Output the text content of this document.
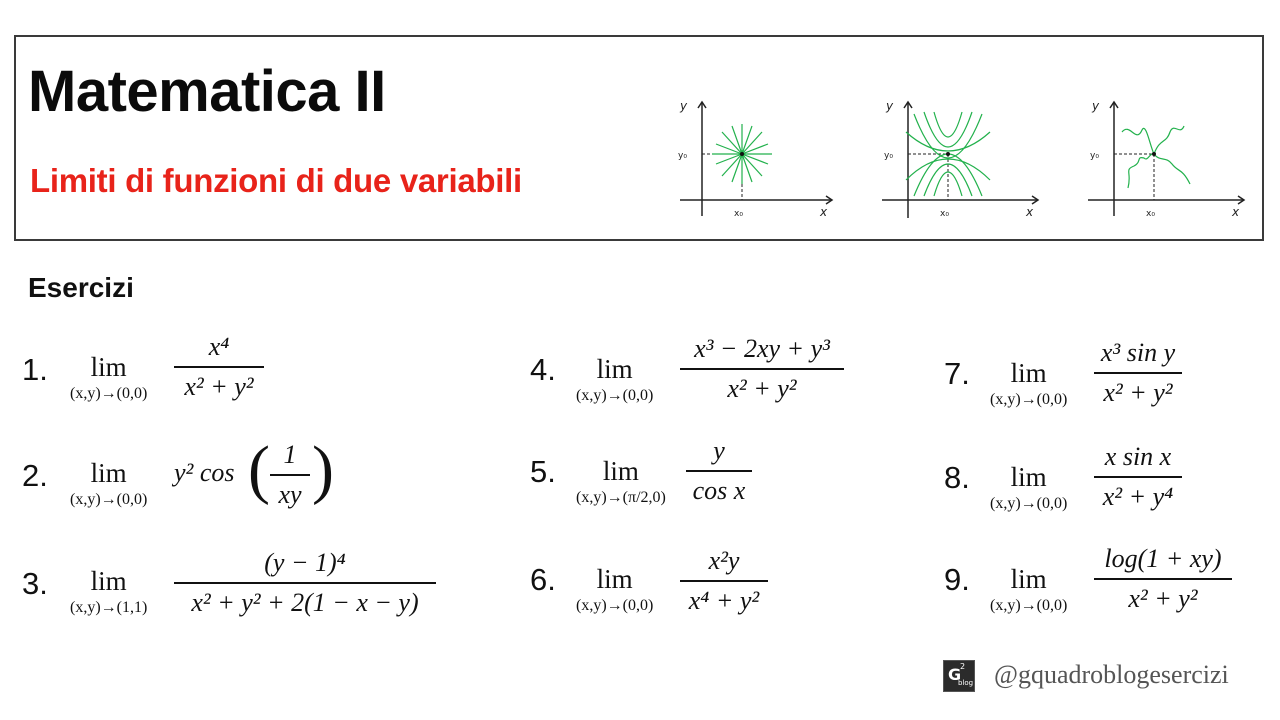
Matematica II
Limiti di funzioni di due variabili
y
x
x₀
y₀
y
x
x₀
y₀
y
x
x₀
y₀
Esercizi
1.	lim
(x,y)→(0,0)
x⁴
x² + y²
2.	lim
(x,y)→(0,0)
y² cos ( 1
xy )
3.	lim
(x,y)→(1,1)
(y − 1)⁴
x² + y² + 2(1 − x − y)
4.	lim
(x,y)→(0,0)
x³ − 2xy + y³
x² + y²
5.	lim
(x,y)→(π/2,0)
y
cos x
6.	lim
(x,y)→(0,0)
x²y
x⁴ + y²
7.	lim
(x,y)→(0,0)
x³ sin y
x² + y²
8.	lim
(x,y)→(0,0)
x sin x
x² + y⁴
9.	lim
(x,y)→(0,0)
log(1 + xy)
x² + y²
G
2
blog @gquadroblogesercizi
